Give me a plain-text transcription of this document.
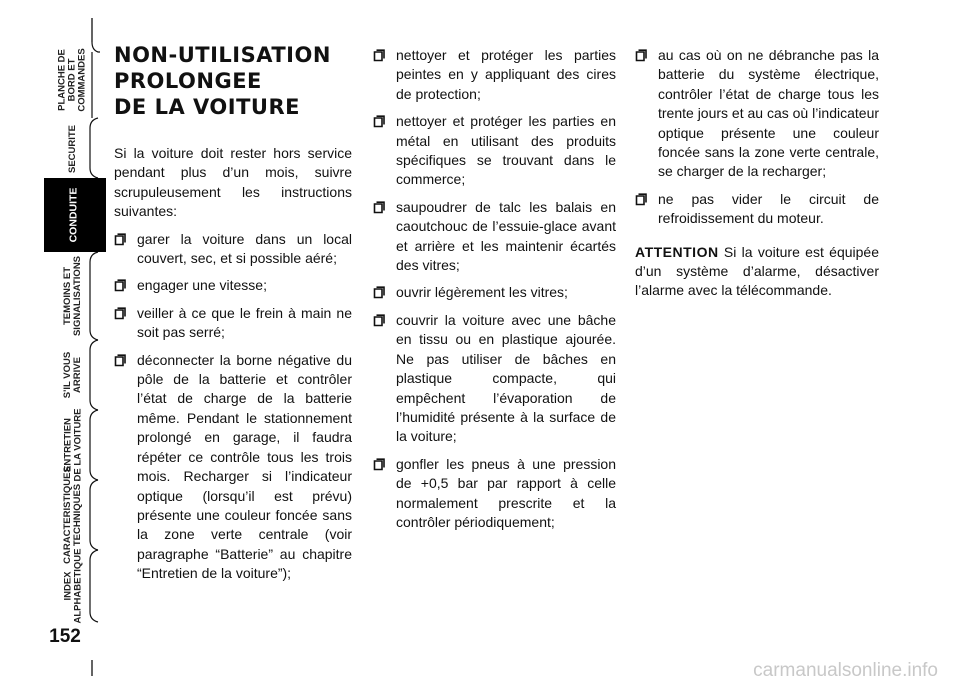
PLANCHE DE
BORD ET
COMMANDES
SECURITE
CONDUITE
TEMOINS ET
SIGNALISATIONS
S'IL VOUS
ARRIVE
ENTRETIEN
DE LA VOITURE
CARACTERISTIQUES
TECHNIQUES
INDEX
ALPHABETIQUE
152
NON-UTILISATION
PROLONGEE
DE LA VOITURE

Si la voiture doit rester hors service pendant plus d’un mois, suivre scrupuleusement les instructions suivantes:

garer la voiture dans un local couvert, sec, et si possible aéré;
engager une vitesse;
veiller à ce que le frein à main ne soit pas serré;
déconnecter la borne négative du pôle de la batterie et contrôler l’état de charge de la batterie même. Pendant le stationnement prolongé en garage, il faudra répéter ce contrôle tous les trois mois. Recharger si l’indicateur optique (lorsqu’il est prévu) présente une couleur foncée sans la zone verte centrale (voir paragraphe “Batterie” au chapitre “Entretien de la voiture”);
nettoyer et protéger les parties peintes en y appliquant des cires de protection;
nettoyer et protéger les parties en métal en utilisant des produits spécifiques se trouvant dans le commerce;
saupoudrer de talc les balais en caoutchouc de l’essuie-glace avant et arrière et les maintenir écartés des vitres;
ouvrir légèrement les vitres;
couvrir la voiture avec une bâche en tissu ou en plastique ajourée. Ne pas utiliser de bâches en plastique compacte, qui empêchent l’évaporation de l’humidité présente à la surface de la voiture;
gonfler les pneus à une pression de +0,5 bar par rapport à celle normalement prescrite et la contrôler périodiquement;
au cas où on ne débranche pas la batterie du système électrique, contrôler l’état de charge tous les trente jours et au cas où l’indicateur optique présente une couleur foncée sans la zone verte centrale, se charger de la recharger;
ne pas vider le circuit de refroidissement du moteur.

ATTENTION Si la voiture est équipée d’un système d’alarme, désactiver l’alarme avec la télécommande.

carmanualsonline.info
